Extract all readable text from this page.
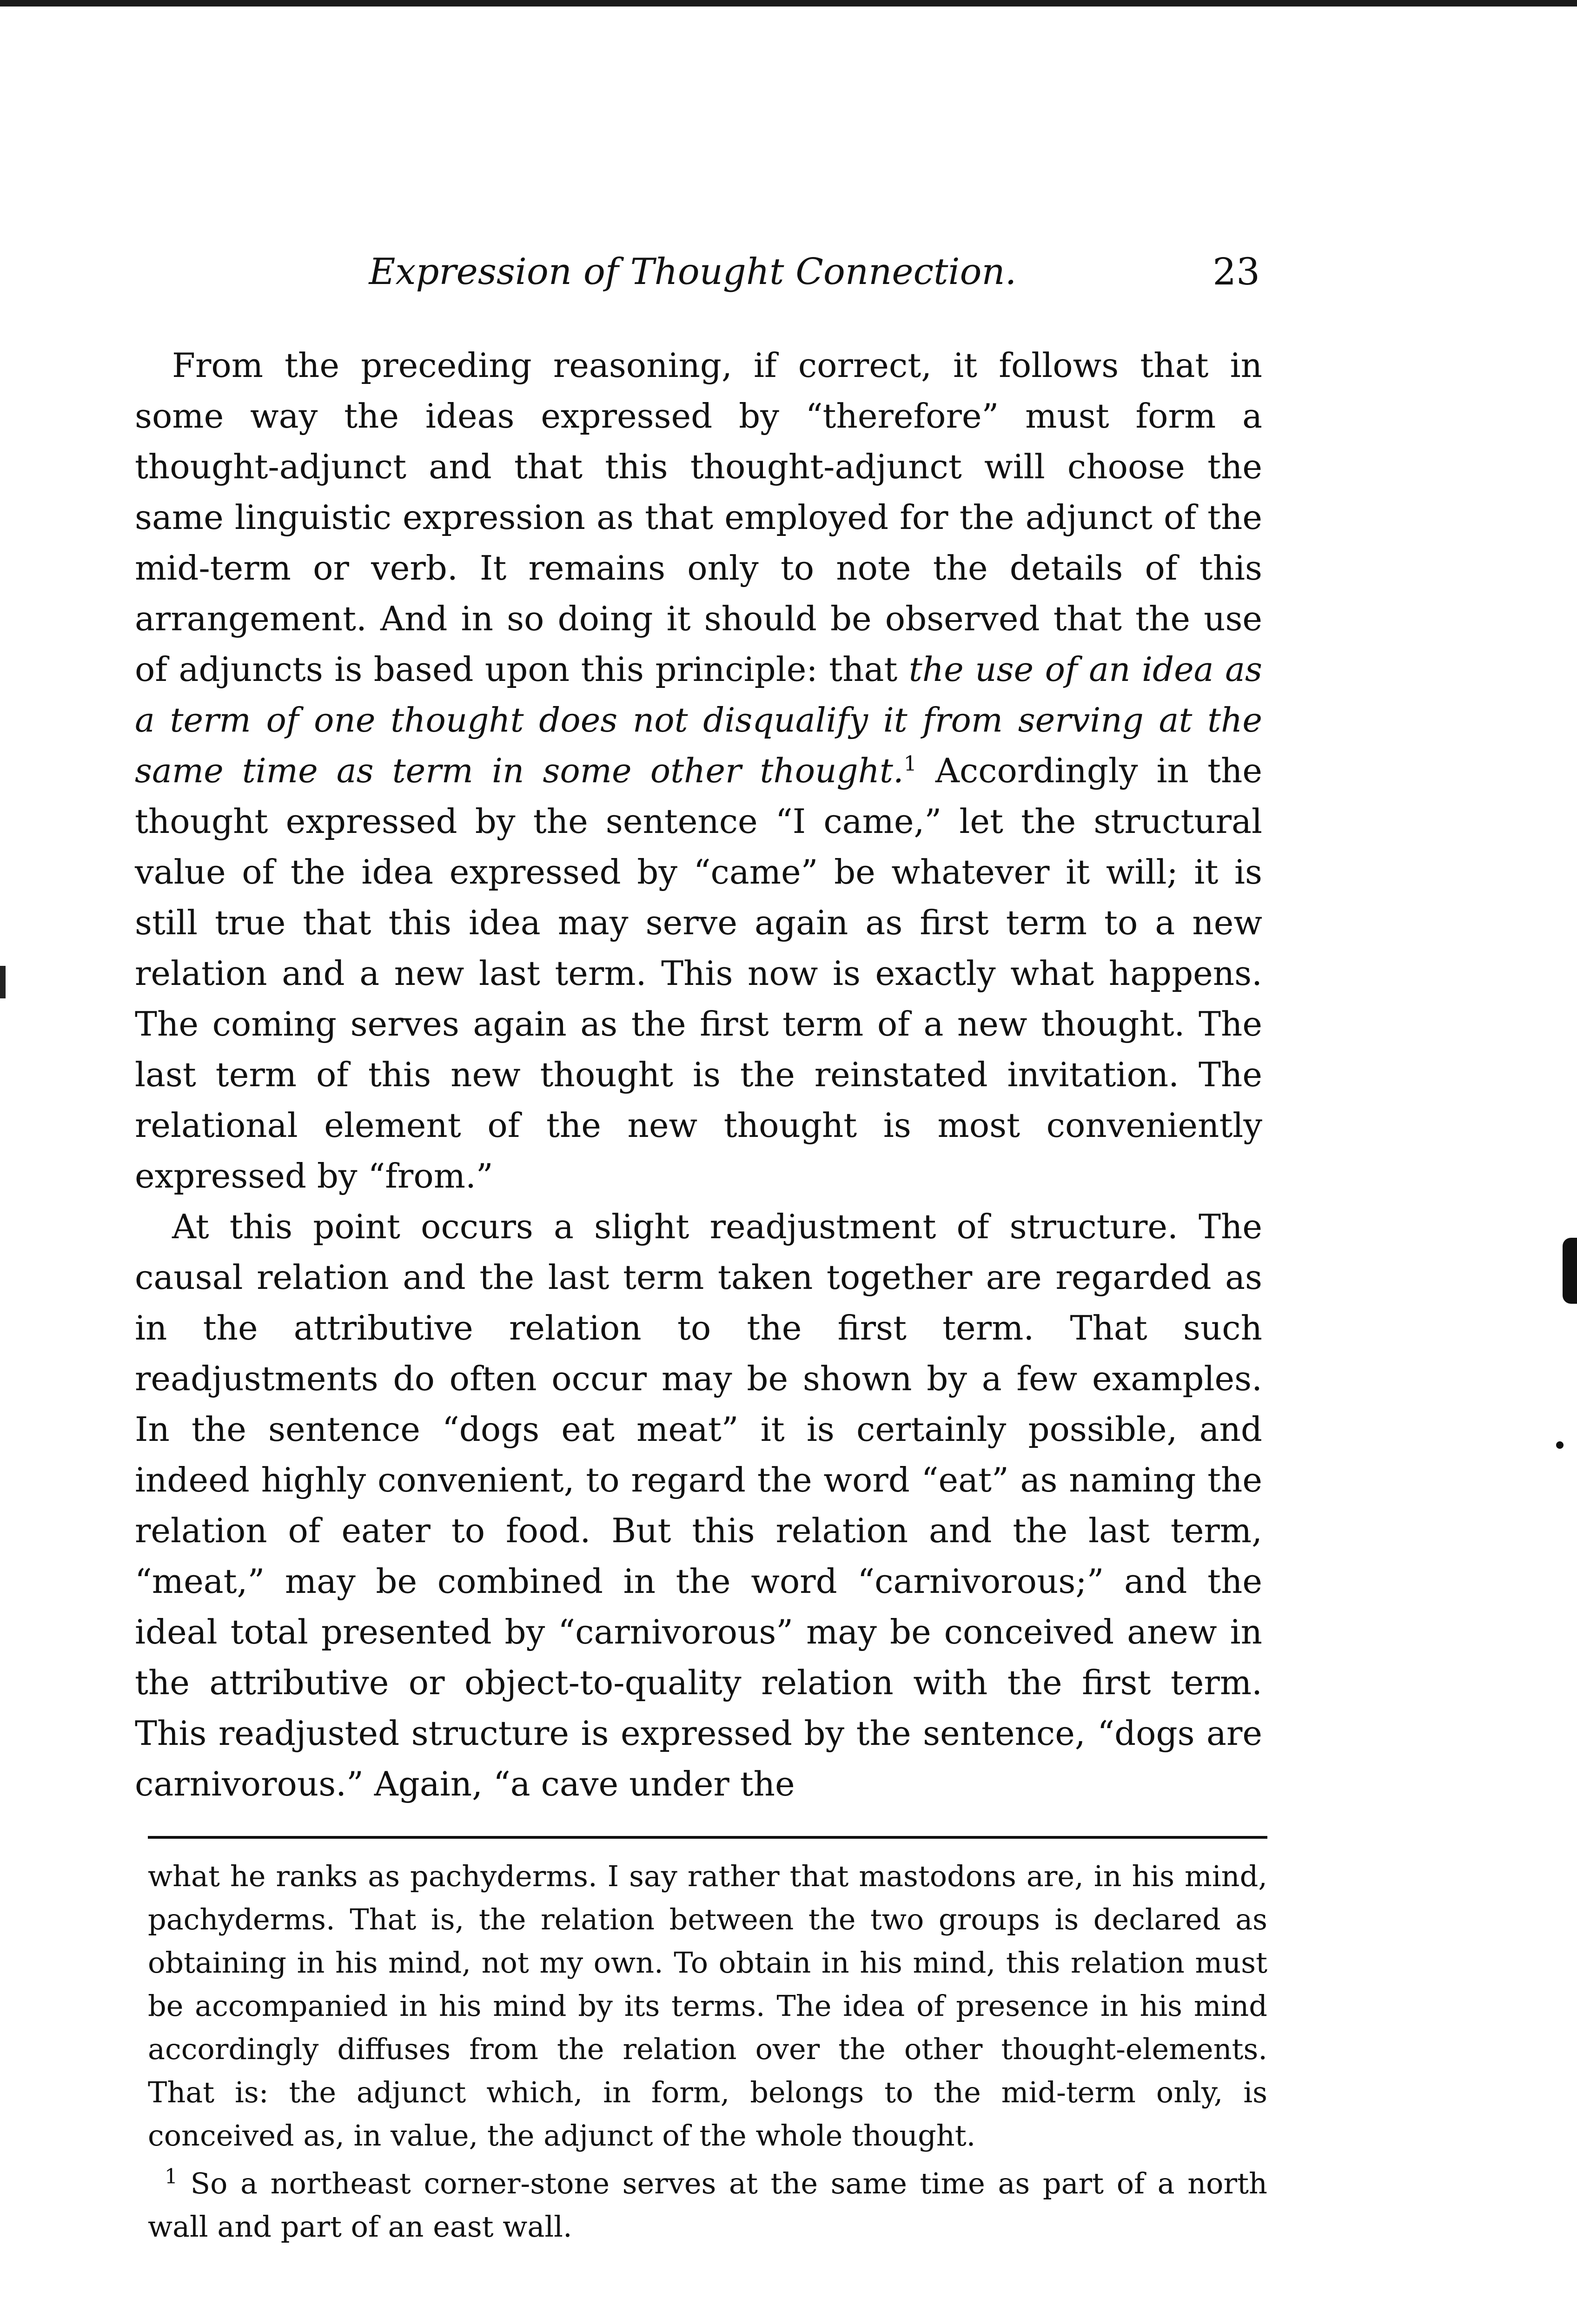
Expression of Thought Connection.	23

From the preceding reasoning, if correct, it follows that in some way the ideas expressed by “therefore” must form a thought-adjunct and that this thought-adjunct will choose the same linguistic expression as that employed for the adjunct of the mid-term or verb. It remains only to note the details of this arrangement. And in so doing it should be observed that the use of adjuncts is based upon this principle: that the use of an idea as a term of one thought does not disqualify it from serving at the same time as term in some other thought.$^1$ Accordingly in the thought expressed by the sentence “I came,” let the structural value of the idea expressed by “came” be whatever it will; it is still true that this idea may serve again as first term to a new relation and a new last term. This now is exactly what happens. The coming serves again as the first term of a new thought. The last term of this new thought is the reinstated invitation. The relational element of the new thought is most conveniently expressed by “from.”

At this point occurs a slight readjustment of structure. The causal relation and the last term taken together are regarded as in the attributive relation to the first term. That such readjustments do often occur may be shown by a few examples. In the sentence “dogs eat meat” it is certainly possible, and indeed highly convenient, to regard the word “eat” as naming the relation of eater to food. But this relation and the last term, “meat,” may be combined in the word “carnivorous;” and the ideal total presented by “carnivorous” may be conceived anew in the attributive or object-to-quality relation with the first term. This readjusted structure is expressed by the sentence, “dogs are carnivorous.” Again, “a cave under the

what he ranks as pachyderms. I say rather that mastodons are, in his mind, pachyderms. That is, the relation between the two groups is declared as obtaining in his mind, not my own. To obtain in his mind, this relation must be accompanied in his mind by its terms. The idea of presence in his mind accordingly diffuses from the relation over the other thought-elements. That is: the adjunct which, in form, belongs to the mid-term only, is conceived as, in value, the adjunct of the whole thought.

$^1$ So a northeast corner-stone serves at the same time as part of a north wall and part of an east wall.
